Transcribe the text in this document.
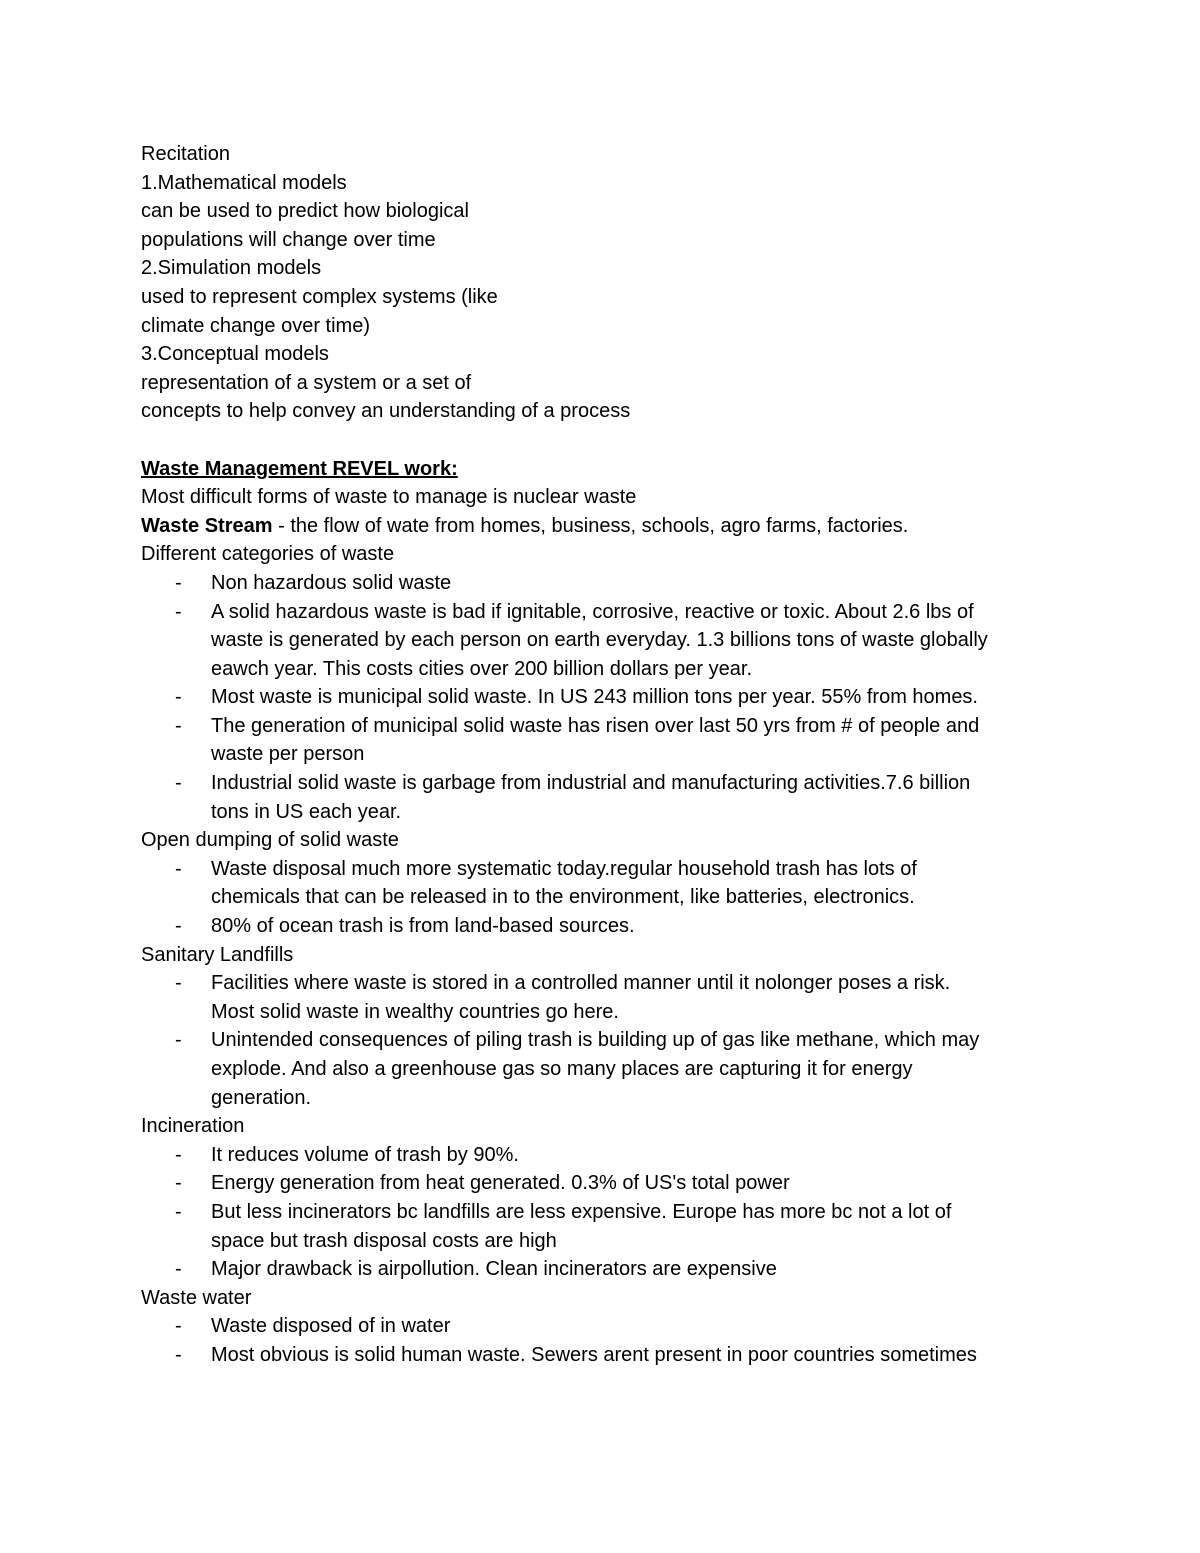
Recitation

1.Mathematical models

can be used to predict how biological

populations will change over time

2.Simulation models

used to represent complex systems (like

climate change over time)

3.Conceptual models

representation of a system or a set of

concepts to help convey an understanding of a process

Waste Management REVEL work:

Most difficult forms of waste to manage is nuclear waste

Waste Stream - the flow of wate from homes, business, schools, agro farms, factories.

Different categories of waste

- Non hazardous solid waste
- A solid hazardous waste is bad if ignitable, corrosive, reactive or toxic. About 2.6 lbs of
waste is generated by each person on earth everyday. 1.3 billions tons of waste globally
eawch year. This costs cities over 200 billion dollars per year.
- Most waste is municipal solid waste. In US 243 million tons per year. 55% from homes.
- The generation of municipal solid waste has risen over last 50 yrs from # of people and
waste per person
- Industrial solid waste is garbage from industrial and manufacturing activities.7.6 billion
tons in US each year.

Open dumping of solid waste

- Waste disposal much more systematic today.regular household trash has lots of
chemicals that can be released in to the environment, like batteries, electronics.
- 80% of ocean trash is from land-based sources.

Sanitary Landfills

- Facilities where waste is stored in a controlled manner until it nolonger poses a risk.
Most solid waste in wealthy countries go here.
- Unintended consequences of piling trash is building up of gas like methane, which may
explode. And also a greenhouse gas so many places are capturing it for energy
generation.

Incineration

- It reduces volume of trash by 90%.
- Energy generation from heat generated. 0.3% of US's total power
- But less incinerators bc landfills are less expensive. Europe has more bc not a lot of
space but trash disposal costs are high
- Major drawback is airpollution. Clean incinerators are expensive

Waste water

- Waste disposed of in water
- Most obvious is solid human waste. Sewers arent present in poor countries sometimes
